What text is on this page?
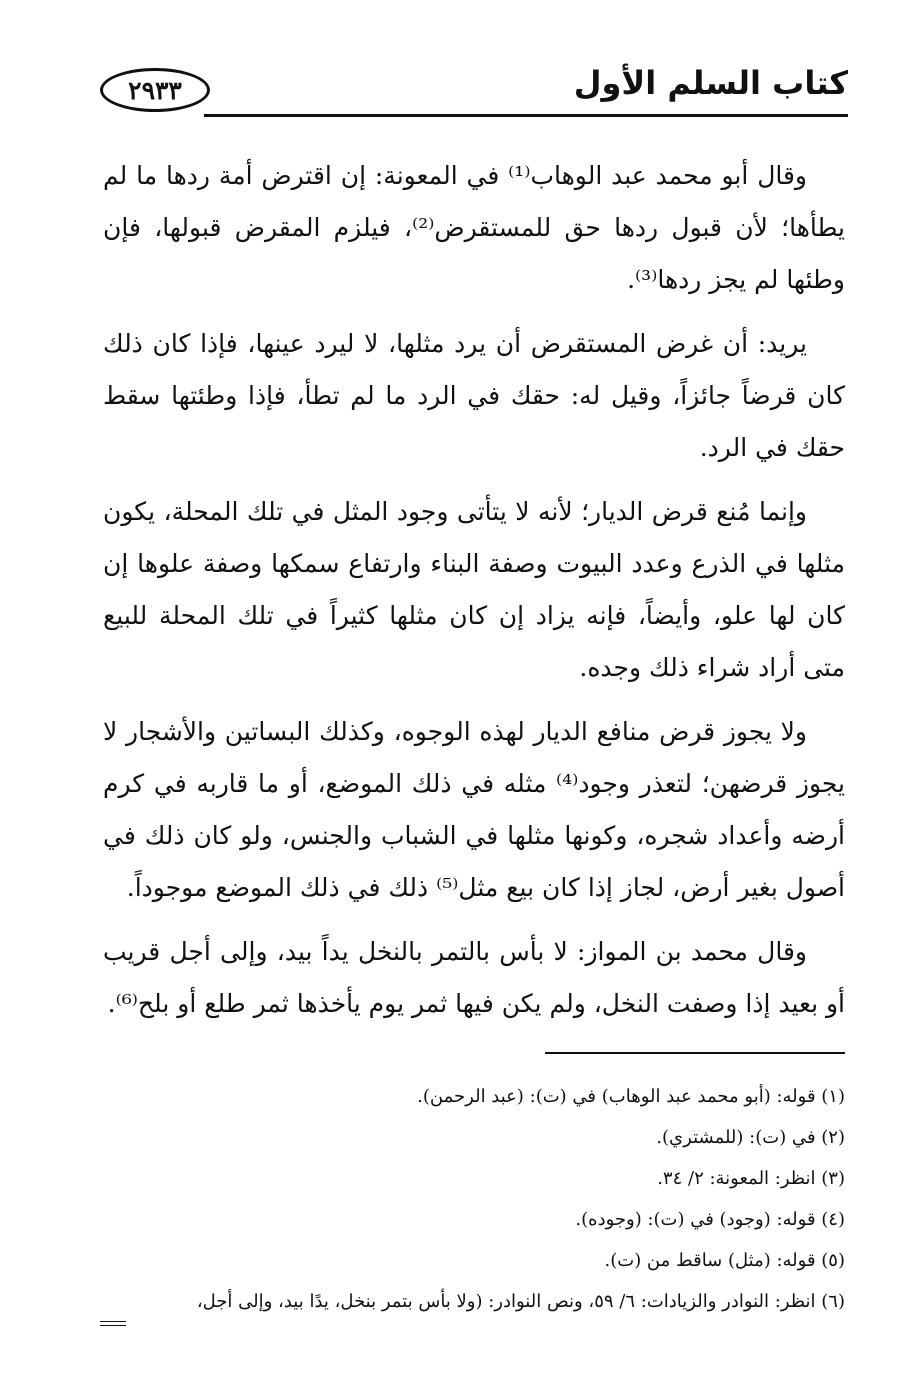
٢٩٣٣	كتاب السلم الأول

وقال أبو محمد عبد الوهاب⁽¹⁾ في المعونة: إن اقترض أمة ردها ما لم يطأها؛ لأن قبول ردها حق للمستقرض⁽²⁾، فيلزم المقرض قبولها، فإن وطئها لم يجز ردها⁽³⁾.

يريد: أن غرض المستقرض أن يرد مثلها، لا ليرد عينها، فإذا كان ذلك كان قرضاً جائزاً، وقيل له: حقك في الرد ما لم تطأ، فإذا وطئتها سقط حقك في الرد.

وإنما مُنع قرض الديار؛ لأنه لا يتأتى وجود المثل في تلك المحلة، يكون مثلها في الذرع وعدد البيوت وصفة البناء وارتفاع سمكها وصفة علوها إن كان لها علو، وأيضاً، فإنه يزاد إن كان مثلها كثيراً في تلك المحلة للبيع متى أراد شراء ذلك وجده.

ولا يجوز قرض منافع الديار لهذه الوجوه، وكذلك البساتين والأشجار لا يجوز قرضهن؛ لتعذر وجود⁽⁴⁾ مثله في ذلك الموضع، أو ما قاربه في كرم أرضه وأعداد شجره، وكونها مثلها في الشباب والجنس، ولو كان ذلك في أصول بغير أرض، لجاز إذا كان بيع مثل⁽⁵⁾ ذلك في ذلك الموضع موجوداً.

وقال محمد بن المواز: لا بأس بالتمر بالنخل يداً بيد، وإلى أجل قريب أو بعيد إذا وصفت النخل، ولم يكن فيها ثمر يوم يأخذها ثمر طلع أو بلح⁽⁶⁾.

(١) قوله: (أبو محمد عبد الوهاب) في (ت): (عبد الرحمن).

(٢) في (ت): (للمشتري).

(٣) انظر: المعونة: ٢/ ٣٤.

(٤) قوله: (وجود) في (ت): (وجوده).

(٥) قوله: (مثل) ساقط من (ت).

(٦) انظر: النوادر والزيادات: ٦/ ٥٩، ونص النوادر: (ولا بأس بتمر بنخل، يدًا بيد، وإلى أجل،
